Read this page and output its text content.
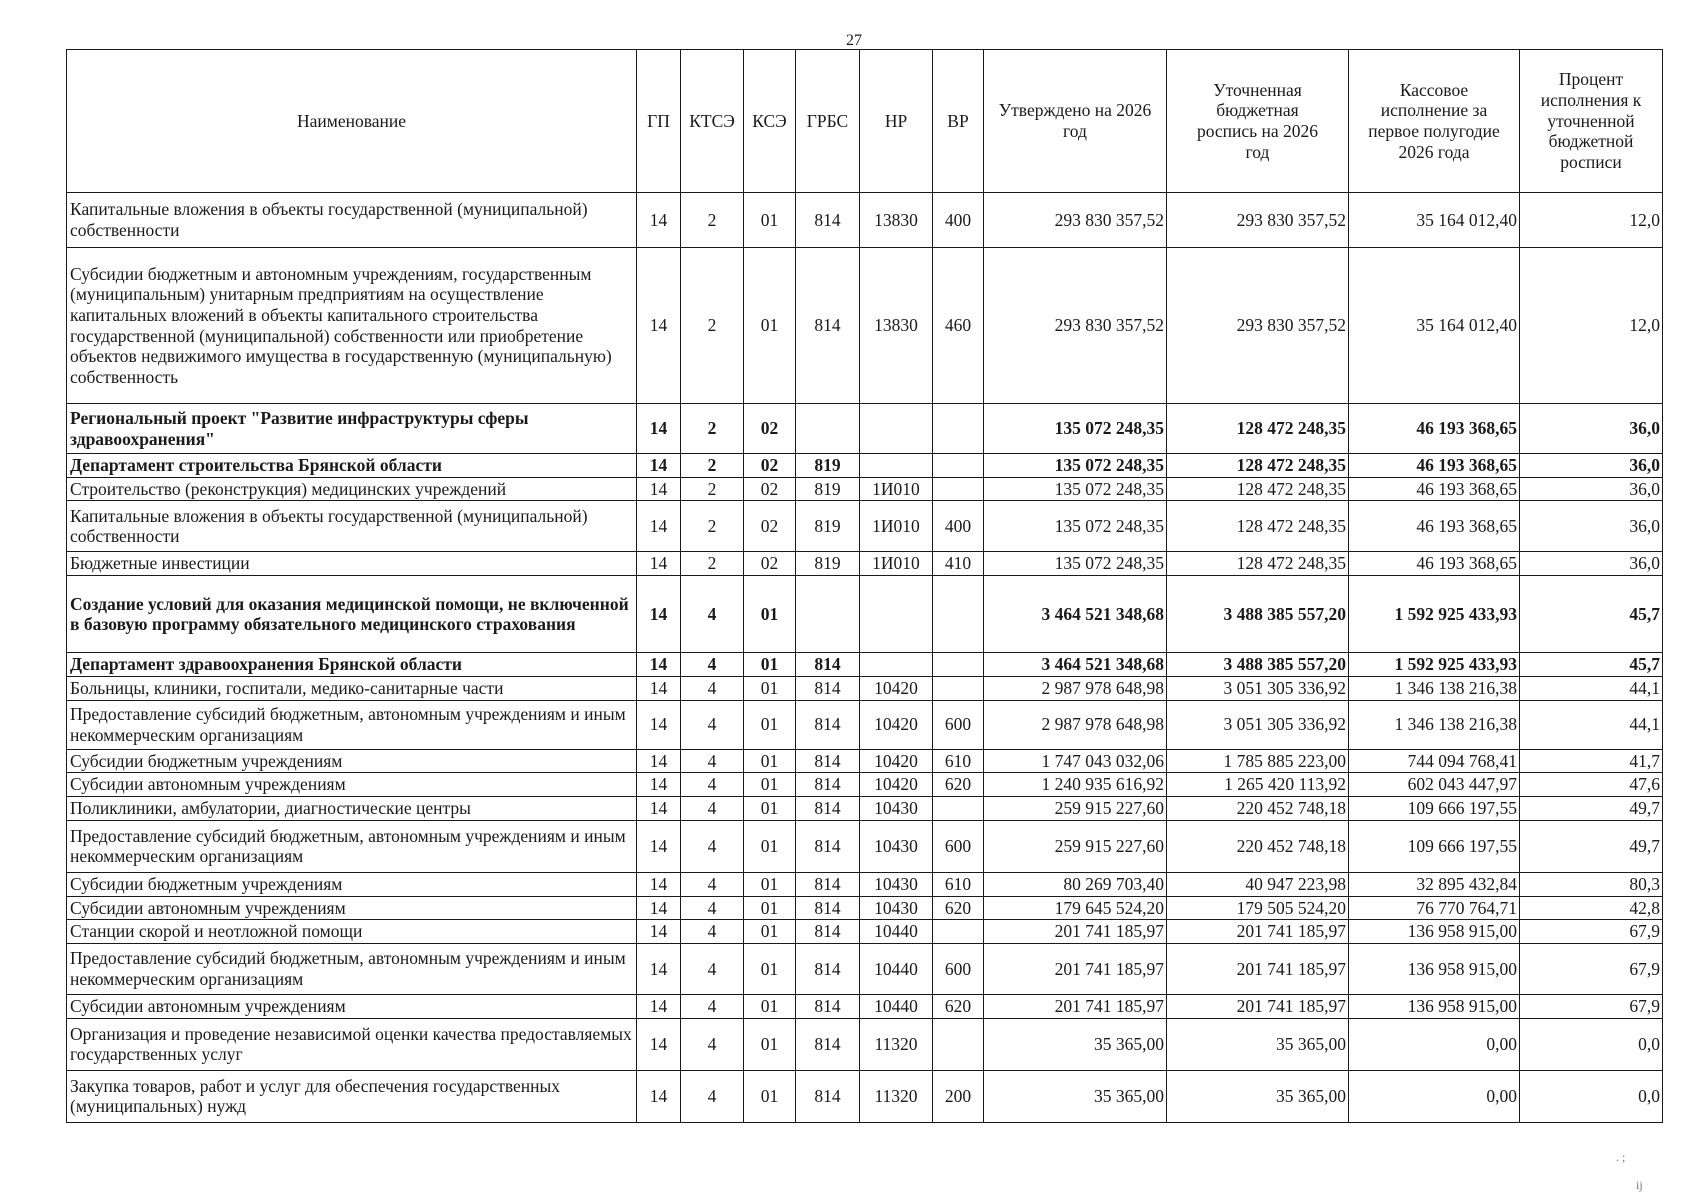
27
Наименование	ГП	КТСЭ	КСЭ	ГРБС	НР	ВР	Утверждено на 2026 год	Уточненная бюджетная роспись на 2026 год	Кассовое исполнение за первое полугодие 2026 года	Процент исполнения к уточненной бюджетной росписи
Капитальные вложения в объекты государственной (муниципальной) собственности	14	2	01	814	13830	400	293 830 357,52	293 830 357,52	35 164 012,40	12,0
Субсидии бюджетным и автономным учреждениям, государственным (муниципальным) унитарным предприятиям на осуществление капитальных вложений в объекты капитального строительства государственной (муниципальной) собственности или приобретение объектов недвижимого имущества в государственную (муниципальную) собственность	14	2	01	814	13830	460	293 830 357,52	293 830 357,52	35 164 012,40	12,0
Региональный проект "Развитие инфраструктуры сферы здравоохранения"	14	2	02				135 072 248,35	128 472 248,35	46 193 368,65	36,0
Департамент строительства Брянской области	14	2	02	819			135 072 248,35	128 472 248,35	46 193 368,65	36,0
Строительство (реконструкция) медицинских учреждений	14	2	02	819	1И010		135 072 248,35	128 472 248,35	46 193 368,65	36,0
Капитальные вложения в объекты государственной (муниципальной) собственности	14	2	02	819	1И010	400	135 072 248,35	128 472 248,35	46 193 368,65	36,0
Бюджетные инвестиции	14	2	02	819	1И010	410	135 072 248,35	128 472 248,35	46 193 368,65	36,0
Создание условий для оказания медицинской помощи, не включенной в базовую программу обязательного медицинского страхования	14	4	01				3 464 521 348,68	3 488 385 557,20	1 592 925 433,93	45,7
Департамент здравоохранения Брянской области	14	4	01	814			3 464 521 348,68	3 488 385 557,20	1 592 925 433,93	45,7
Больницы, клиники, госпитали, медико-санитарные части	14	4	01	814	10420		2 987 978 648,98	3 051 305 336,92	1 346 138 216,38	44,1
Предоставление субсидий бюджетным, автономным учреждениям и иным некоммерческим организациям	14	4	01	814	10420	600	2 987 978 648,98	3 051 305 336,92	1 346 138 216,38	44,1
Субсидии бюджетным учреждениям	14	4	01	814	10420	610	1 747 043 032,06	1 785 885 223,00	744 094 768,41	41,7
Субсидии автономным учреждениям	14	4	01	814	10420	620	1 240 935 616,92	1 265 420 113,92	602 043 447,97	47,6
Поликлиники, амбулатории, диагностические центры	14	4	01	814	10430		259 915 227,60	220 452 748,18	109 666 197,55	49,7
Предоставление субсидий бюджетным, автономным учреждениям и иным некоммерческим организациям	14	4	01	814	10430	600	259 915 227,60	220 452 748,18	109 666 197,55	49,7
Субсидии бюджетным учреждениям	14	4	01	814	10430	610	80 269 703,40	40 947 223,98	32 895 432,84	80,3
Субсидии автономным учреждениям	14	4	01	814	10430	620	179 645 524,20	179 505 524,20	76 770 764,71	42,8
Станции скорой и неотложной помощи	14	4	01	814	10440		201 741 185,97	201 741 185,97	136 958 915,00	67,9
Предоставление субсидий бюджетным, автономным учреждениям и иным некоммерческим организациям	14	4	01	814	10440	600	201 741 185,97	201 741 185,97	136 958 915,00	67,9
Субсидии автономным учреждениям	14	4	01	814	10440	620	201 741 185,97	201 741 185,97	136 958 915,00	67,9
Организация и проведение независимой оценки качества предоставляемых государственных услуг	14	4	01	814	11320		35 365,00	35 365,00	0,00	0,0
Закупка товаров, работ и услуг для обеспечения государственных (муниципальных) нужд	14	4	01	814	11320	200	35 365,00	35 365,00	0,00	0,0
. ;
ij
